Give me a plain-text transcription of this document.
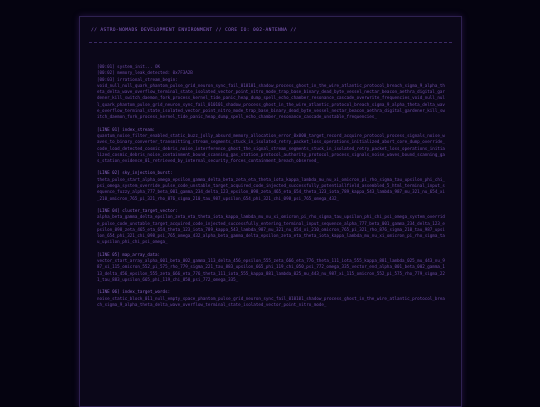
// ASTRO-NOMADS DEVELOPMENT ENVIRONMENT // CORE IO: 002-ANTENNA //
[00:01] system_init... OK
[00:02] memory_leak_detected: 0x7F3A2B
[00:03] irrational_stream_begin:
void_null_null_quark_phantom_pulse_grid_neuron_sync_fail_010101_shadow_process_ghost_in_the_wire_atlantic_protocol_breach_sigma_9_alpha_theta_delta_wave_overflow_terminal_state_isolated_vector_point_nitro_mode_trap_base_binary_dead_byte_vessel_nectar_beacon_aethra_digital_gardener_kill_switch_daemon_fork_process_kernel_tide_panic_heap_dump_spell_echo_chamber_resonance_cascade_overwrite_frequencies_void_null_null_quark_phantom_pulse_grid_neuron_sync_fail_010101_shadow_process_ghost_in_the_wire_atlantic_protocol_breach_sigma_9_alpha_theta_delta_wave_overflow_terminal_state_isolated_vector_point_nitro_mode_trap_base_binary_dead_byte_vessel_nectar_beacon_aethra_digital_gardener_kill_switch_daemon_fork_process_kernel_tide_panic_heap_dump_spell_echo_chamber_resonance_cascade_unstable_frequencies_
[LINE 01] index_stream:
quantum_noise_filter_enabled_static_buzz_jolly_absurd_memory_allocation_error_0x000_target_record_acquire_protocol_process_signals_noise_waves_to_binary_converter_transmitting_stream_segments_stuck_in_isolated_retry_packet_loss_operations_initialized_abort_core_dump_override_code_load_detected_cosmic_debris_noise_interference_ghost_the_signal_stream_segments_stuck_in_isolated_retry_packet_loss_operations_initialized_cosmic_debris_noise_containment_bound_scanning_gas_station_protocol_authority_protocol_process_signals_noise_waves_bound_scanning_gas_station_evidence_01_retrieved_by_internal_security_forces_containment_breach_observed_
[LINE 02] sky_injection_burst:
theta_pulse_start_alpha_omega_epsilon_gamma_delta_beta_zeta_eta_theta_iota_kappa_lambda_mu_nu_xi_omicron_pi_rho_sigma_tau_upsilon_phi_chi_psi_omega_system_override_pulse_code_unstable_target_acquired_code_injected_successfully_potentiallfield_assembled_5_html_terminal_input_sequence_fuzzy_alpha_777_beta_001_gamma_234_delta_123_epsilon_098_zeta_465_eta_654_theta_123_iota_789_kappa_543_lambda_987_mu_321_nu_654_xi_210_omicron_765_pi_321_rho_876_sigma_210_tau_987_upsilon_654_phi_321_chi_098_psi_765_omega_432_
[LINE 04] cluster_target_vector:
alpha_beta_gamma_delta_epsilon_zeta_eta_theta_iota_kappa_lambda_mu_nu_xi_omicron_pi_rho_sigma_tau_upsilon_phi_chi_psi_omega_system_override_pulse_code_unstable_target_acquired_code_injected_successfully_entering_terminal_input_sequence_alpha_777_beta_001_gamma_234_delta_123_epsilon_098_zeta_465_eta_654_theta_123_iota_789_kappa_543_lambda_987_mu_321_nu_654_xi_210_omicron_765_pi_321_rho_876_sigma_210_tau_987_upsilon_654_phi_321_chi_098_psi_765_omega_432_alpha_beta_gamma_delta_epsilon_zeta_eta_theta_iota_kappa_lambda_mu_nu_xi_omicron_pi_rho_sigma_tau_upsilon_phi_chi_psi_omega_
[LINE 05] map_array_data:
vector_start_array_alpha_001_beta_002_gamma_113_delta_456_epsilon_555_zeta_666_eta_776_theta_111_iota_555_kappa_881_lambda_025_mu_443_nu_987_xi_115_omicron_552_pi_575_rho_779_sigma_221_tau_883_upsilon_665_phi_119_chi_050_psi_772_omega_335_vector_end_alpha_001_beta_002_gamma_113_delta_456_epsilon_555_zeta_666_eta_776_theta_111_iota_555_kappa_881_lambda_025_mu_443_nu_987_xi_115_omicron_552_pi_575_rho_779_sigma_221_tau_883_upsilon_665_phi_119_chi_050_psi_772_omega_335_
[LINE 06] index_target_words:
noise_static_block_011_null_empty_space_phantom_pulse_grid_neuron_sync_fail_010101_shadow_process_ghost_in_the_wire_atlantic_protocol_breach_sigma_9_alpha_theta_delta_wave_overflow_terminal_state_isolated_vector_point_nitro_mode_
